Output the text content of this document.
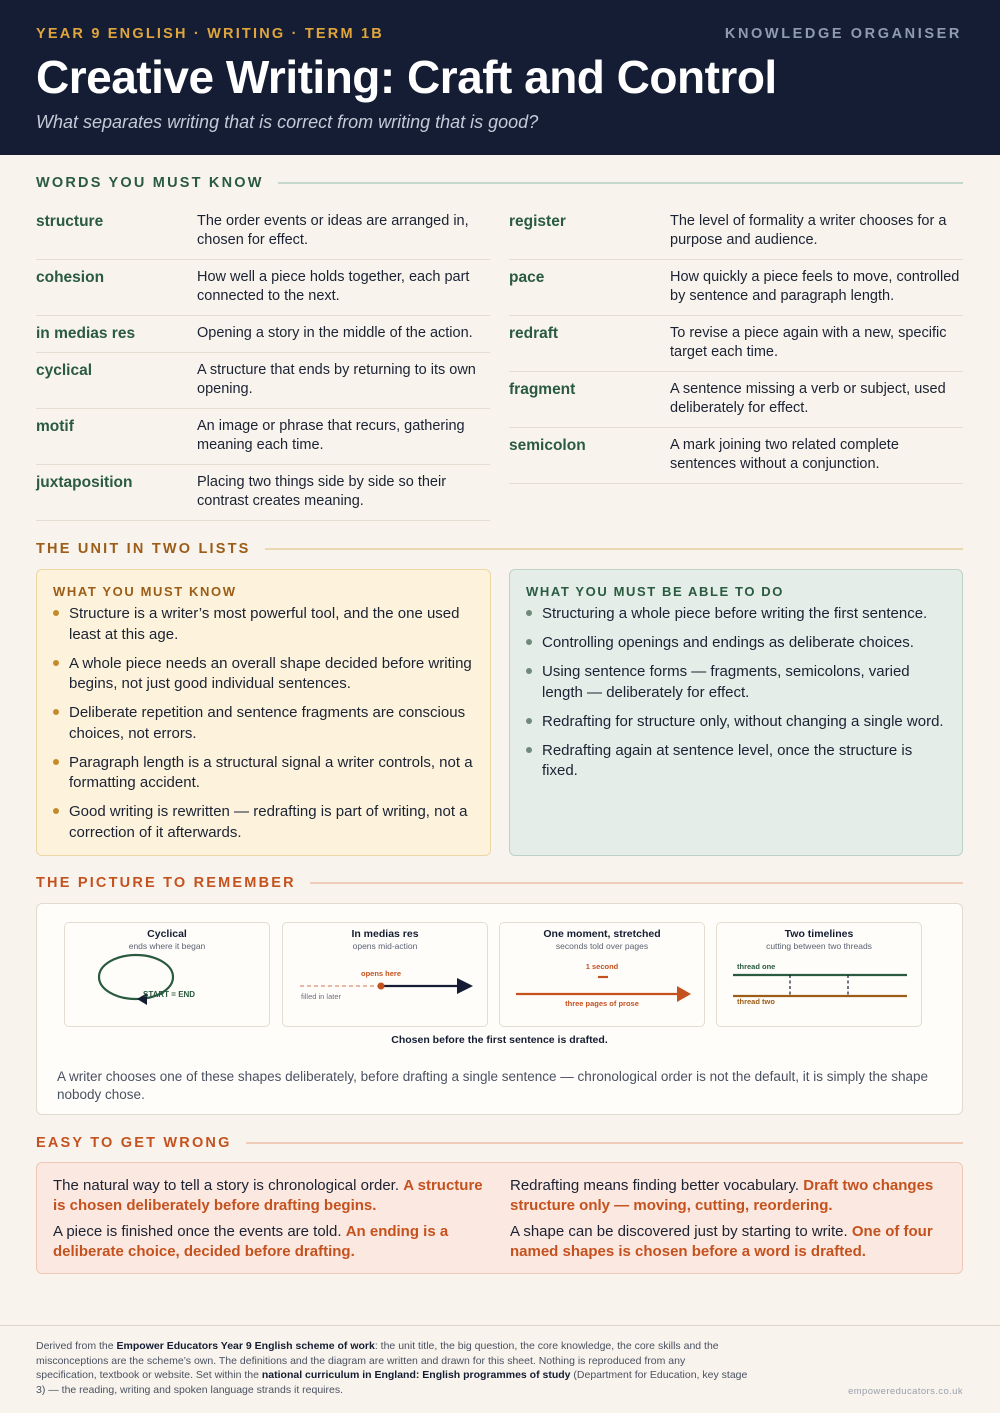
YEAR 9 ENGLISH · WRITING · TERM 1B	KNOWLEDGE ORGANISER
Creative Writing: Craft and Control
What separates writing that is correct from writing that is good?
WORDS YOU MUST KNOW
structure	The order events or ideas are arranged in, chosen for effect.
cohesion	How well a piece holds together, each part connected to the next.
in medias res	Opening a story in the middle of the action.
cyclical	A structure that ends by returning to its own opening.
motif	An image or phrase that recurs, gathering meaning each time.
juxtaposition	Placing two things side by side so their contrast creates meaning.
register	The level of formality a writer chooses for a purpose and audience.
pace	How quickly a piece feels to move, controlled by sentence and paragraph length.
redraft	To revise a piece again with a new, specific target each time.
fragment	A sentence missing a verb or subject, used deliberately for effect.
semicolon	A mark joining two related complete sentences without a conjunction.
THE UNIT IN TWO LISTS
WHAT YOU MUST KNOW
Structure is a writer’s most powerful tool, and the one used least at this age.
A whole piece needs an overall shape decided before writing begins, not just good individual sentences.
Deliberate repetition and sentence fragments are conscious choices, not errors.
Paragraph length is a structural signal a writer controls, not a formatting accident.
Good writing is rewritten — redrafting is part of writing, not a correction of it afterwards.
WHAT YOU MUST BE ABLE TO DO
Structuring a whole piece before writing the first sentence.
Controlling openings and endings as deliberate choices.
Using sentence forms — fragments, semicolons, varied length — deliberately for effect.
Redrafting for structure only, without changing a single word.
Redrafting again at sentence level, once the structure is fixed.
THE PICTURE TO REMEMBER
Cyclical
ends where it began
START = END
In medias res
opens mid-action
opens here
filled in later
One moment, stretched
seconds told over pages
1 second
three pages of prose
Two timelines
cutting between two threads
thread one
thread two
Chosen before the first sentence is drafted.
A writer chooses one of these shapes deliberately, before drafting a single sentence — chronological order is not the default, it is simply the shape nobody chose.
EASY TO GET WRONG
The natural way to tell a story is chronological order. A structure is chosen deliberately before drafting begins.
Redrafting means finding better vocabulary. Draft two changes structure only — moving, cutting, reordering.
A piece is finished once the events are told. An ending is a deliberate choice, decided before drafting.
A shape can be discovered just by starting to write. One of four named shapes is chosen before a word is drafted.
Derived from the Empower Educators Year 9 English scheme of work: the unit title, the big question, the core knowledge, the core skills and the misconceptions are the scheme’s own. The definitions and the diagram are written and drawn for this sheet. Nothing is reproduced from any specification, textbook or website. Set within the national curriculum in England: English programmes of study (Department for Education, key stage 3) — the reading, writing and spoken language strands it requires.	empowereducators.co.uk
